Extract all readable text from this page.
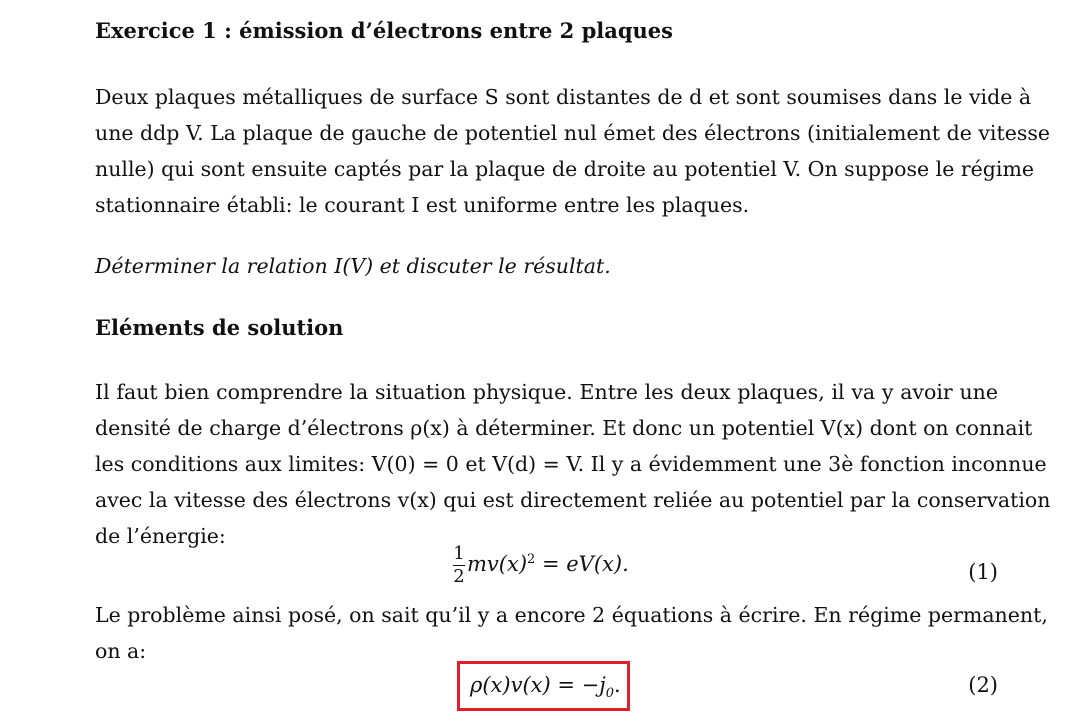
Exercice 1 : émission d’électrons entre 2 plaques
Deux plaques métalliques de surface S sont distantes de d et sont soumises dans le vide à
une ddp V. La plaque de gauche de potentiel nul émet des électrons (initialement de vitesse
nulle) qui sont ensuite captés par la plaque de droite au potentiel V. On suppose le régime
stationnaire établi: le courant I est uniforme entre les plaques.
Déterminer la relation I(V) et discuter le résultat.
Eléments de solution
Il faut bien comprendre la situation physique. Entre les deux plaques, il va y avoir une
densité de charge d’électrons ρ(x) à déterminer. Et donc un potentiel V(x) dont on connait
les conditions aux limites: V(0) = 0 et V(d) = V. Il y a évidemment une 3è fonction inconnue
avec la vitesse des électrons v(x) qui est directement reliée au potentiel par la conservation
de l’énergie:
$\frac{1}{2} mv(x)^2 = eV(x)$.	(1)
Le problème ainsi posé, on sait qu’il y a encore 2 équations à écrire. En régime permanent,
on a:
$\rho(x)v(x) = -j_0$.	(2)
